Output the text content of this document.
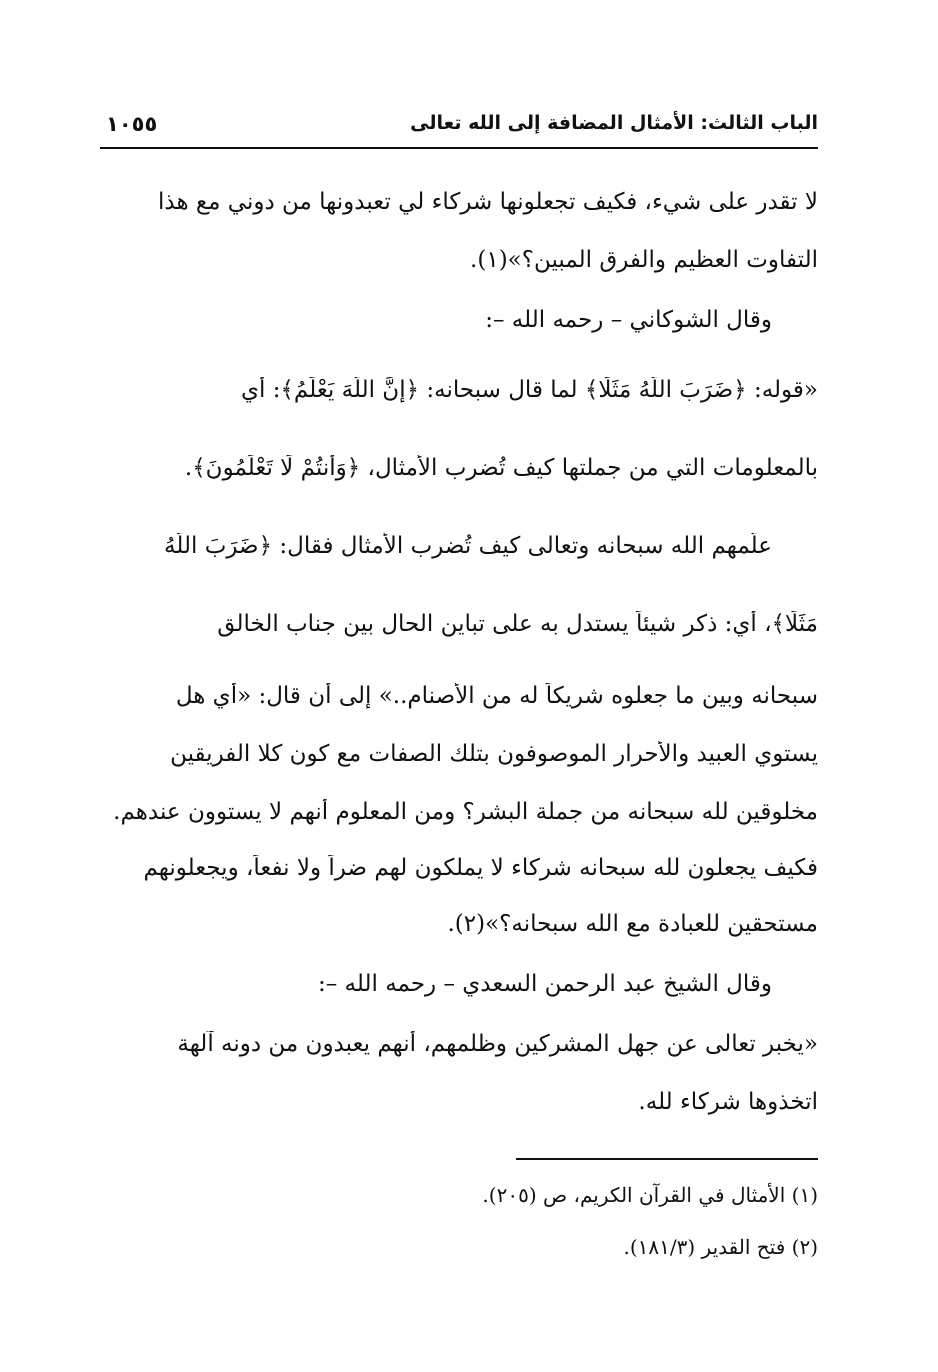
الباب الثالث: الأمثال المضافة إلى الله تعالى
١٠٥٥
لا تقدر على شيء، فكيف تجعلونها شركاء لي تعبدونها من دوني مع هذا
التفاوت العظيم والفرق المبين؟»(١).
وقال الشوكاني – رحمه الله –:
«قوله: ﴿ضَرَبَ اللَّهُ مَثَلًا﴾ لما قال سبحانه: ﴿إِنَّ اللَّهَ يَعْلَمُ﴾: أي
بالمعلومات التي من جملتها كيف تُضرب الأمثال، ﴿وَأَنتُمْ لَا تَعْلَمُونَ﴾.
علّمهم الله سبحانه وتعالى كيف تُضرب الأمثال فقال: ﴿ضَرَبَ اللَّهُ
مَثَلًا﴾، أي: ذكر شيئاً يستدل به على تباين الحال بين جناب الخالق
سبحانه وبين ما جعلوه شريكاً له من الأصنام..» إلى أن قال: «أي هل
يستوي العبيد والأحرار الموصوفون بتلك الصفات مع كون كلا الفريقين
مخلوقين لله سبحانه من جملة البشر؟ ومن المعلوم أنهم لا يستوون عندهم.
فكيف يجعلون لله سبحانه شركاء لا يملكون لهم ضراً ولا نفعاً، ويجعلونهم
مستحقين للعبادة مع الله سبحانه؟»(٢).
وقال الشيخ عبد الرحمن السعدي – رحمه الله –:
«يخبر تعالى عن جهل المشركين وظلمهم، أنهم يعبدون من دونه آلهة
اتخذوها شركاء لله.
(١) الأمثال في القرآن الكريم، ص (٢٠٥).
(٢) فتح القدير (١٨١/٣).
